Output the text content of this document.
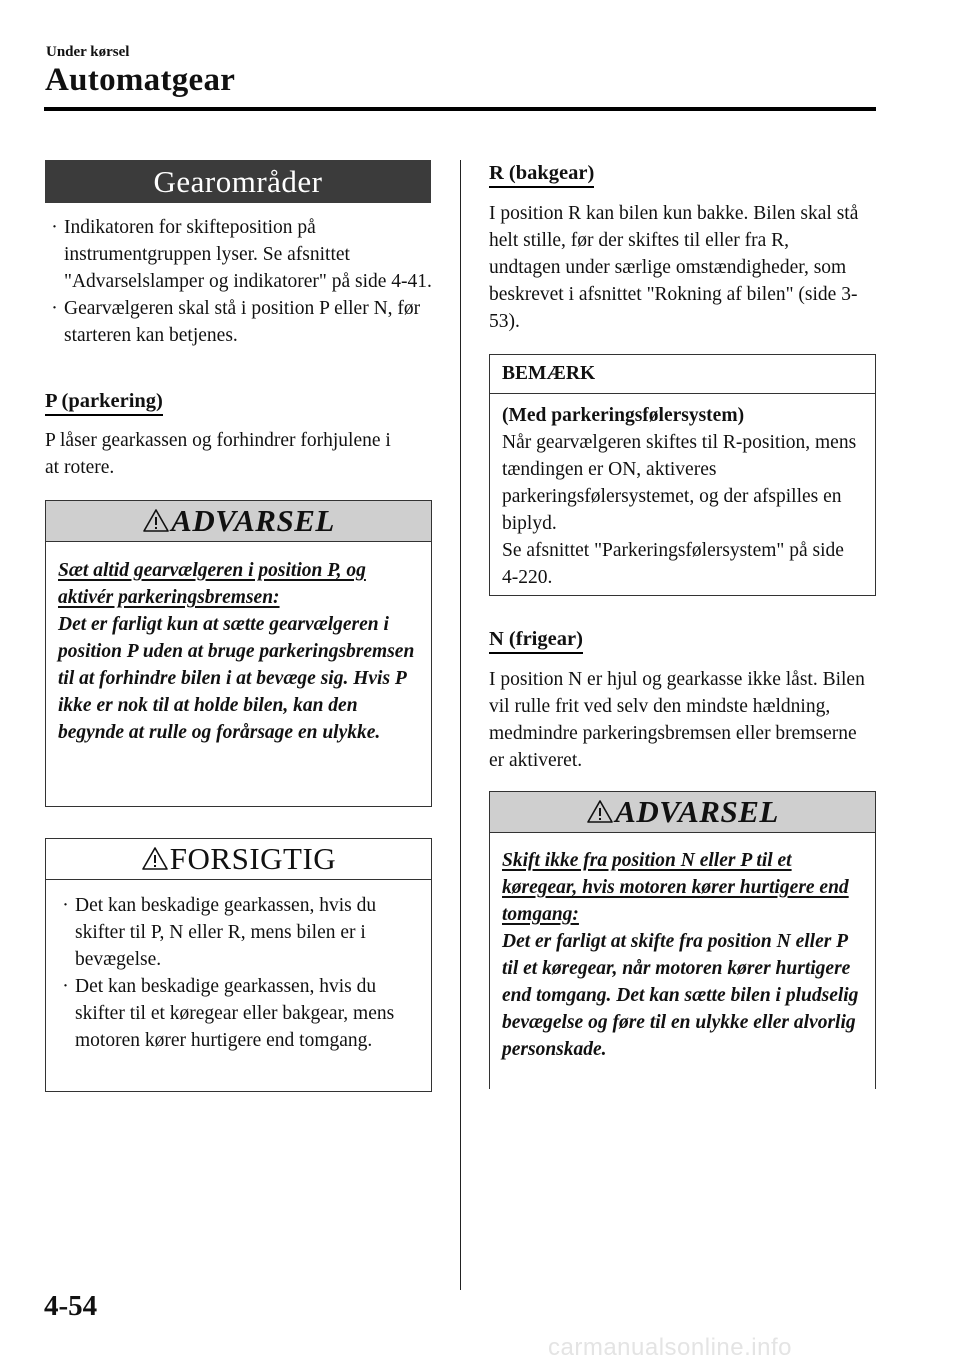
Under kørsel
Automatgear
Gearområder
· Indikatoren for skifteposition på instrumentgruppen lyser. Se afsnittet "Advarselslamper og indikatorer" på side 4-41.
· Gearvælgeren skal stå i position P eller N, før starteren kan betjenes.
P (parkering)
P låser gearkassen og forhindrer forhjulene i at rotere.
ADVARSEL
Sæt altid gearvælgeren i position P, og aktivér parkeringsbremsen:
Det er farligt kun at sætte gearvælgeren i position P uden at bruge parkeringsbremsen til at forhindre bilen i at bevæge sig. Hvis P ikke er nok til at holde bilen, kan den begynde at rulle og forårsage en ulykke.
FORSIGTIG
· Det kan beskadige gearkassen, hvis du skifter til P, N eller R, mens bilen er i bevægelse.
· Det kan beskadige gearkassen, hvis du skifter til et køregear eller bakgear, mens motoren kører hurtigere end tomgang.
R (bakgear)
I position R kan bilen kun bakke. Bilen skal stå helt stille, før der skiftes til eller fra R, undtagen under særlige omstændigheder, som beskrevet i afsnittet "Rokning af bilen" (side 3-53).
BEMÆRK
(Med parkeringsfølersystem)
Når gearvælgeren skiftes til R-position, mens tændingen er ON, aktiveres parkeringsfølersystemet, og der afspilles en biplyd.
Se afsnittet "Parkeringsfølersystem" på side 4-220.
N (frigear)
I position N er hjul og gearkasse ikke låst. Bilen vil rulle frit ved selv den mindste hældning, medmindre parkeringsbremsen eller bremserne er aktiveret.
ADVARSEL
Skift ikke fra position N eller P til et køregear, hvis motoren kører hurtigere end tomgang:
Det er farligt at skifte fra position N eller P til et køregear, når motoren kører hurtigere end tomgang. Det kan sætte bilen i pludselig bevægelse og føre til en ulykke eller alvorlig personskade.
4-54
carmanualsonline.info
